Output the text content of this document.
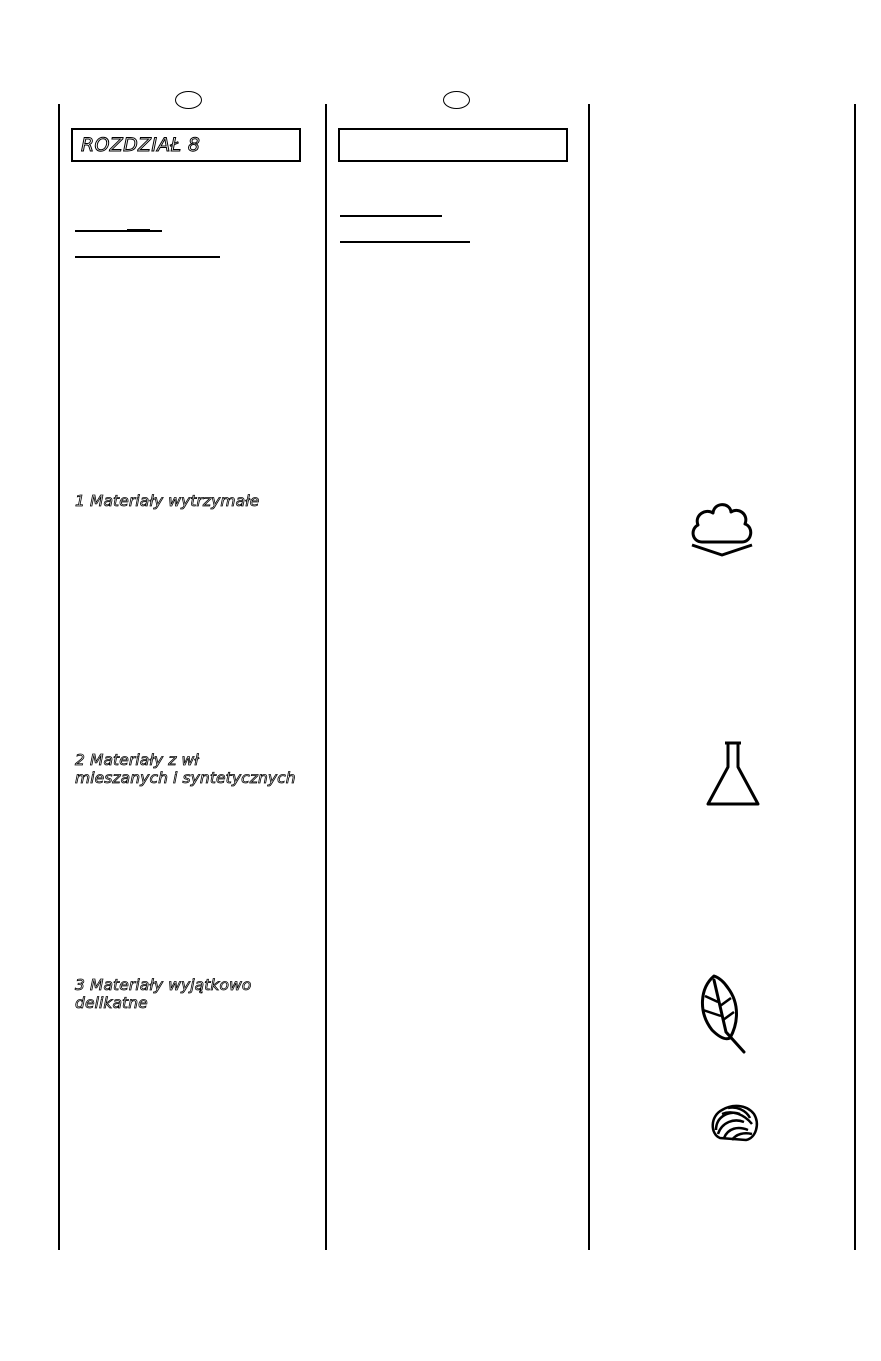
ROZDZIAŁ 8
1 Materiały wytrzymałe
2 Materiały z wł
mieszanych i syntetycznych
3 Materiały wyjątkowo
delikatne
